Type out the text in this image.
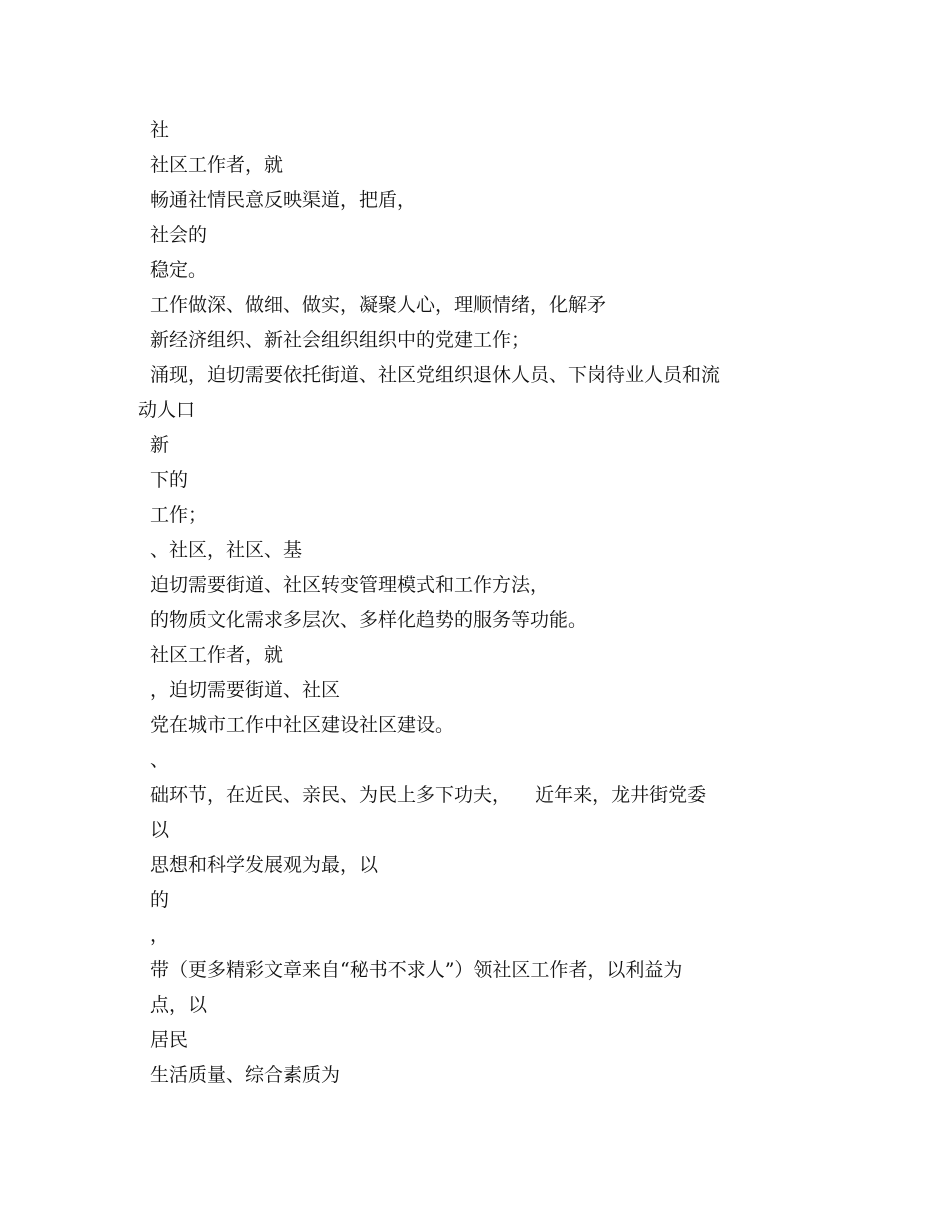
社
社区工作者，就
畅通社情民意反映渠道，把盾，
社会的
稳定。
工作做深、做细、做实，凝聚人心，理顺情绪，化解矛
新经济组织、新社会组织组织中的党建工作；
涌现，迫切需要依托街道、社区党组织退休人员、下岗待业人员和流
动人口
新
下的
工作；
、社区，社区、基
迫切需要街道、社区转变管理模式和工作方法，
的物质文化需求多层次、多样化趋势的服务等功能。
社区工作者，就
，迫切需要街道、社区
党在城市工作中社区建设社区建设。
、
础环节，在近民、亲民、为民上多下功夫，    近年来，龙井街党委
以
思想和科学发展观为最，以
的
，
带（更多精彩文章来自“秘书不求人”）领社区工作者，以利益为
点，以
居民
生活质量、综合素质为
